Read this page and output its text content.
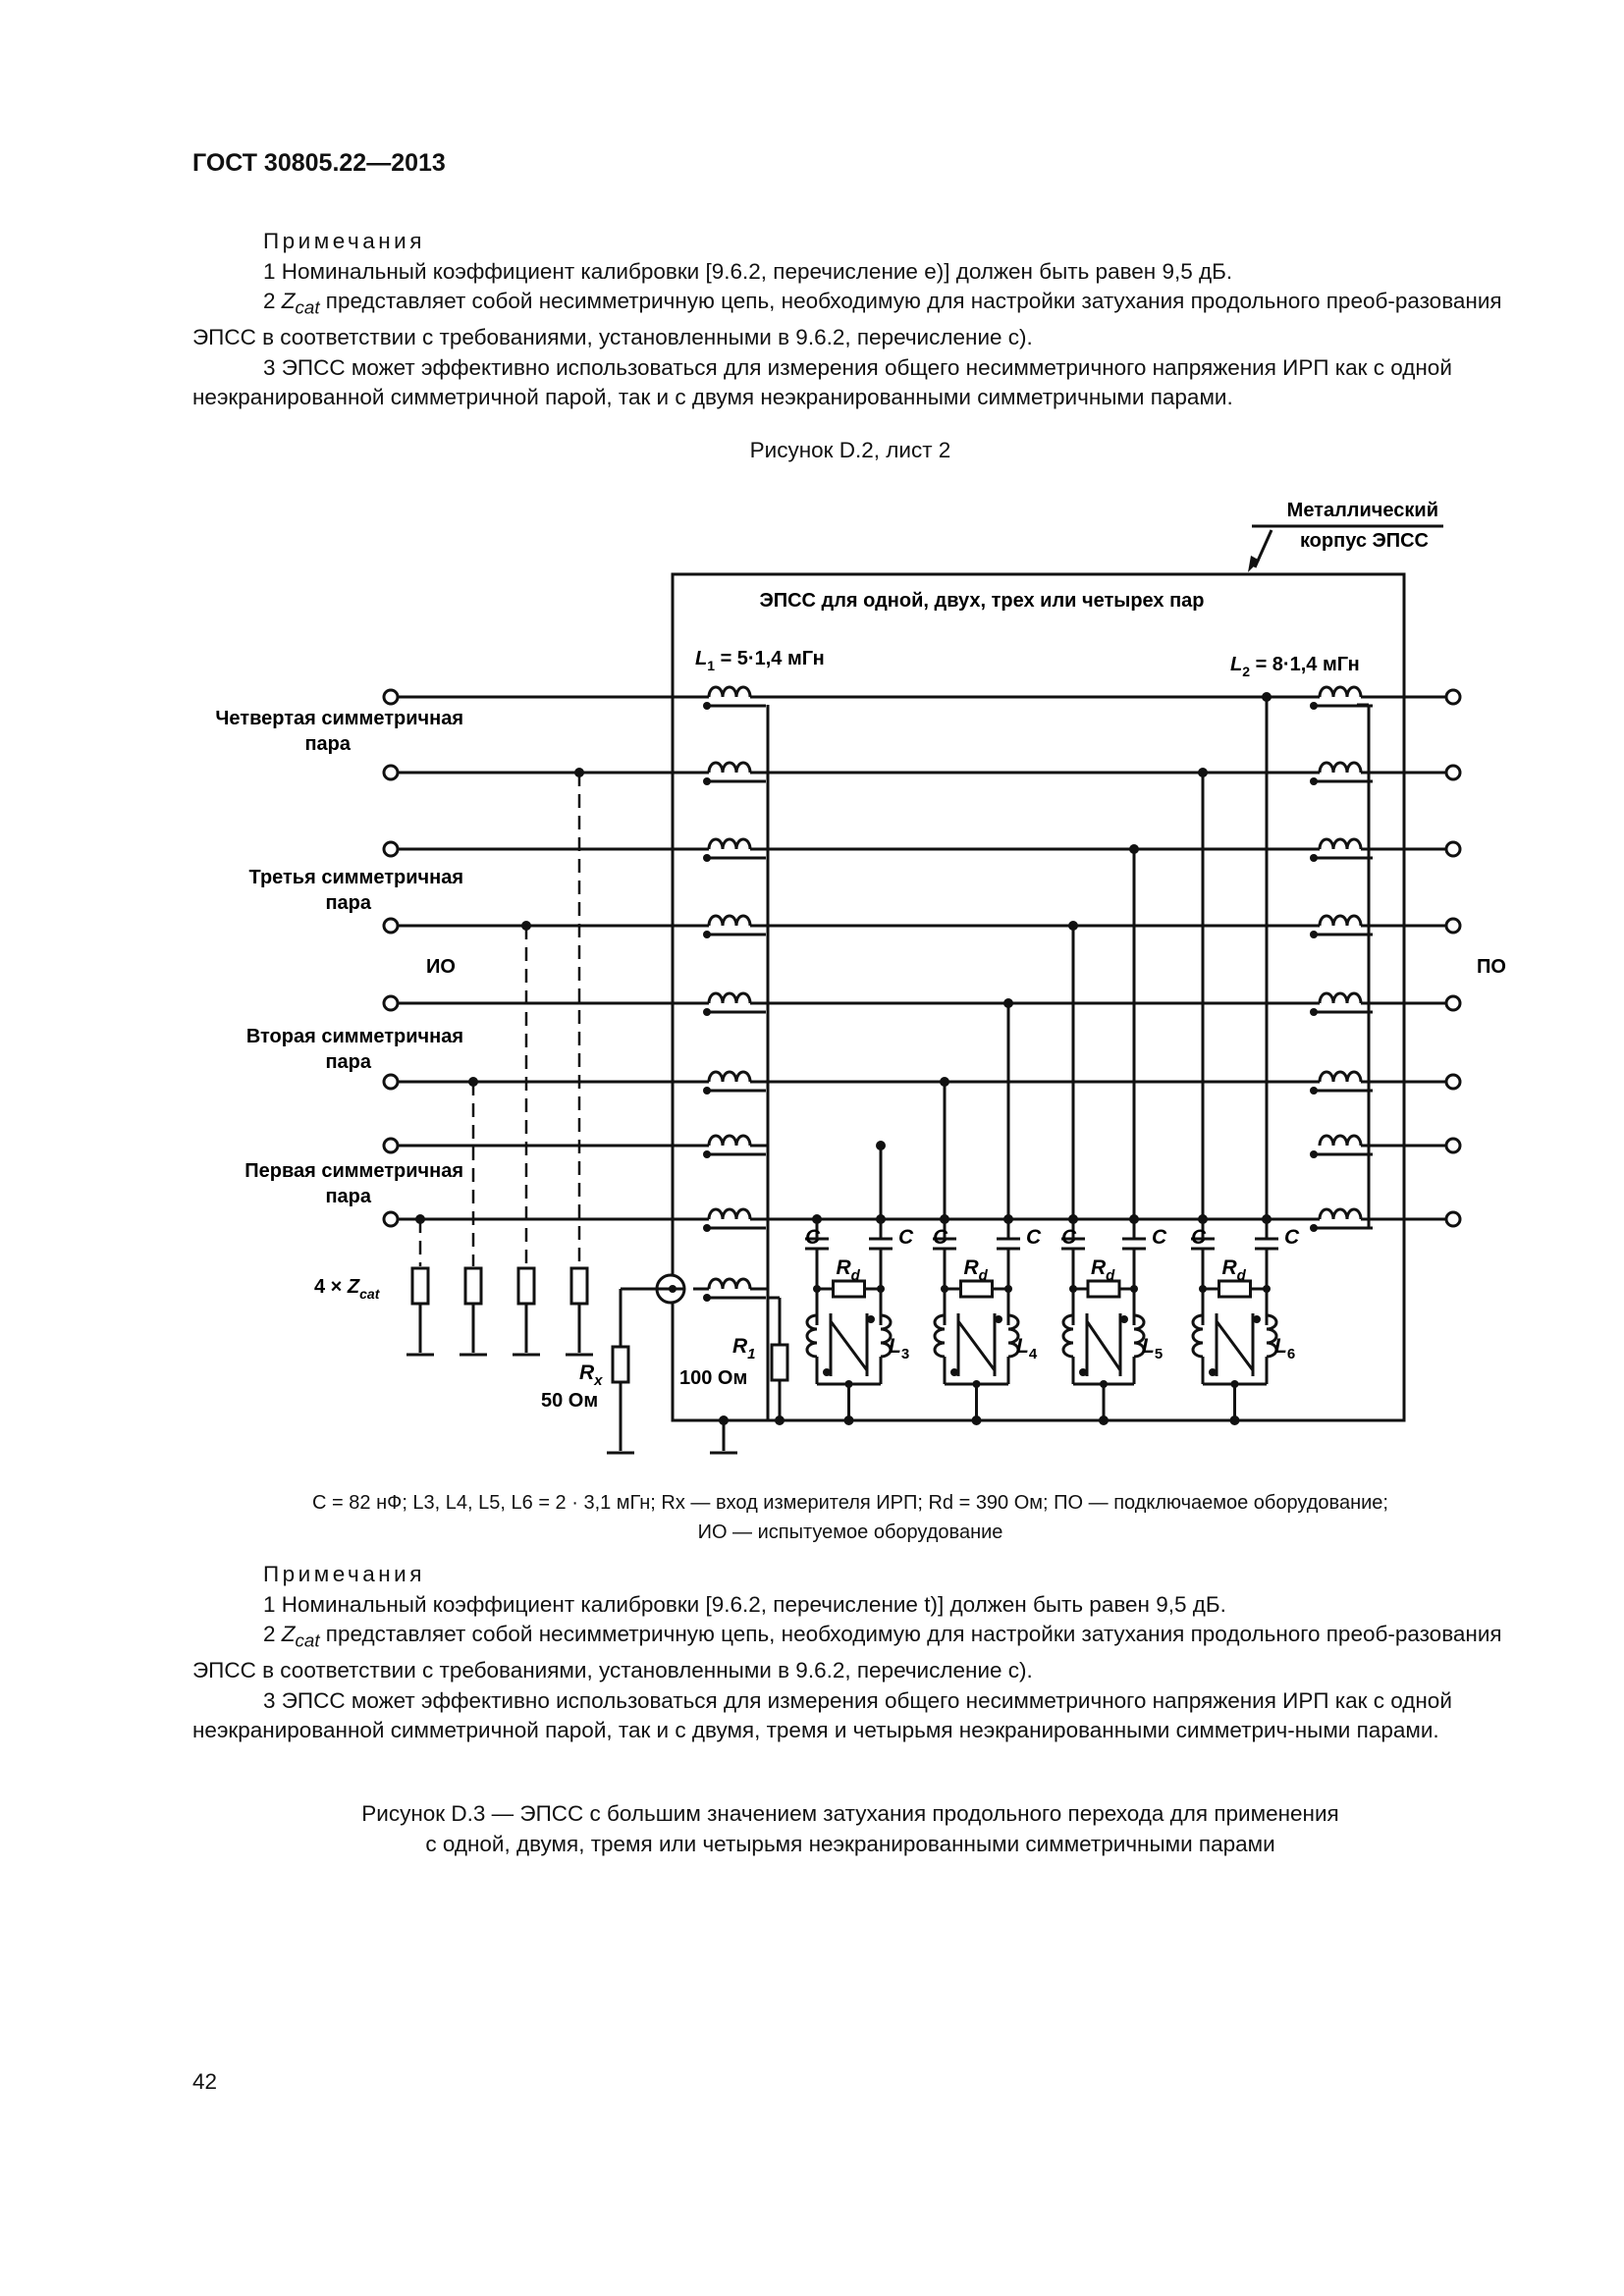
ГОСТ 30805.22—2013
Примечания
1 Номинальный коэффициент калибровки [9.6.2, перечисление e)] должен быть равен 9,5 дБ.
2 $Z_{cat}$ представляет собой несимметричную цепь, необходимую для настройки затухания продольного преоб-разования ЭПСС в соответствии с требованиями, установленными в 9.6.2, перечисление c).
3 ЭПСС может эффективно использоваться для измерения общего несимметричного напряжения ИРП как с одной неэкранированной симметричной парой, так и с двумя неэкранированными симметричными парами.
Рисунок D.2, лист 2
Металлический
корпус ЭПСС
ЭПСС для одной, двух, трех или четырех пар
$L_1 = 5\cdot 1,4$ мГн	$L_2 = 8\cdot 1,4$ мГн
Четвертая симметричная
пара
Третья симметричная
пара
Вторая симметричная
пара
Первая симметричная
пара
ИО	ПО
$4 \times Z_{cat}$
$R_x$
50 Ом
$R_1$
100 Ом
C	C
$R_d$
$L_3$
C	C
$R_d$
$L_4$
C	C
$R_d$
$L_5$
C	C
$R_d$
$L_6$
C = 82 нФ; L3, L4, L5, L6 = 2 · 3,1 мГн; Rx — вход измерителя ИРП; Rd = 390 Ом; ПО — подключаемое оборудование;
ИО — испытуемое оборудование
Примечания
1 Номинальный коэффициент калибровки [9.6.2, перечисление t)] должен быть равен 9,5 дБ.
2 $Z_{cat}$ представляет собой несимметричную цепь, необходимую для настройки затухания продольного преоб-разования ЭПСС в соответствии с требованиями, установленными в 9.6.2, перечисление c).
3 ЭПСС может эффективно использоваться для измерения общего несимметричного напряжения ИРП как с одной неэкранированной симметричной парой, так и с двумя, тремя и четырьмя неэкранированными симметрич-ными парами.
Рисунок D.3 — ЭПСС с большим значением затухания продольного перехода для применения
с одной, двумя, тремя или четырьмя неэкранированными симметричными парами
42
